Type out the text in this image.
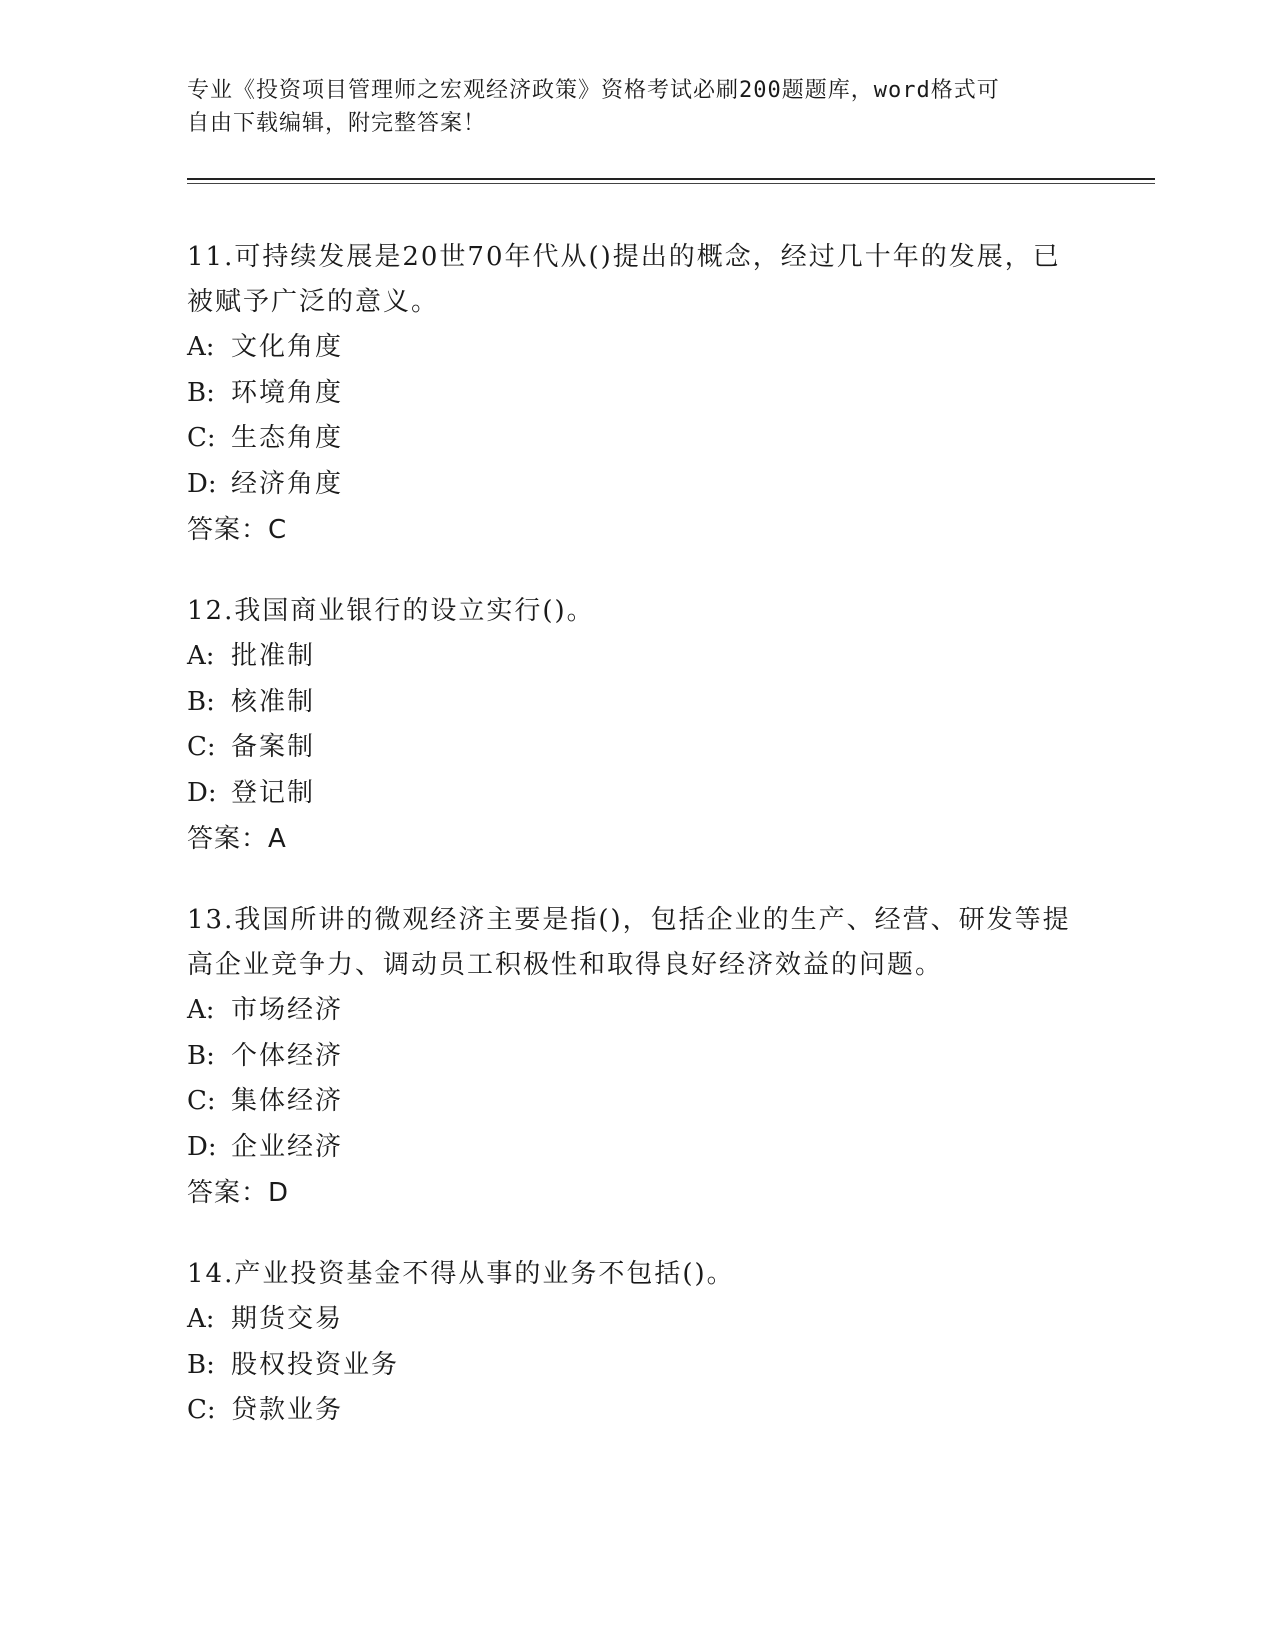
专业《投资项目管理师之宏观经济政策》资格考试必刷200题题库，word格式可
自由下载编辑，附完整答案！
11.可持续发展是20世70年代从()提出的概念，经过几十年的发展，已被赋予广泛的意义。
A: 文化角度
B: 环境角度
C: 生态角度
D: 经济角度
答案：C
12.我国商业银行的设立实行()。
A: 批准制
B: 核准制
C: 备案制
D: 登记制
答案：A
13.我国所讲的微观经济主要是指()，包括企业的生产、经营、研发等提高企业竞争力、调动员工积极性和取得良好经济效益的问题。
A: 市场经济
B: 个体经济
C: 集体经济
D: 企业经济
答案：D
14.产业投资基金不得从事的业务不包括()。
A: 期货交易
B: 股权投资业务
C: 贷款业务
